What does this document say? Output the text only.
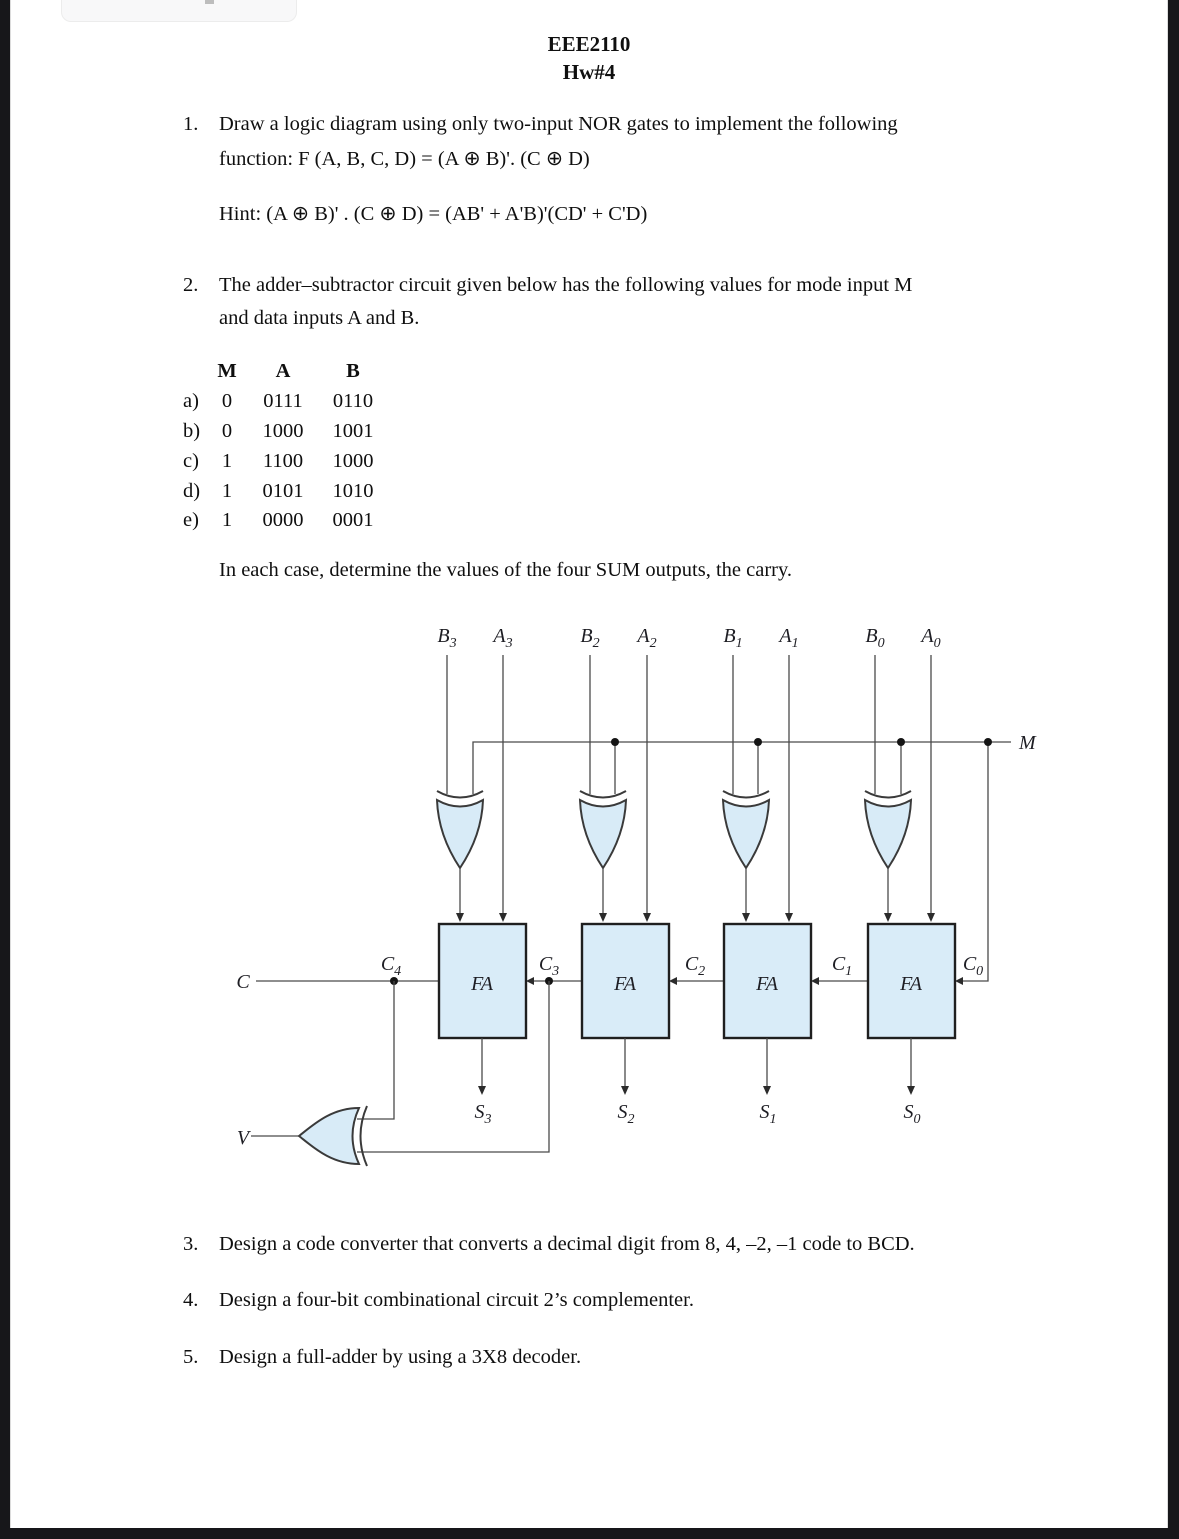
EEE2110
Hw#4
1. Draw a logic diagram using only two-input NOR gates to implement the following
function: F (A, B, C, D) = (A ⊕ B)'. (C ⊕ D)
Hint: (A ⊕ B)' . (C ⊕ D) = (AB' + A'B)'(CD' + C'D)
2. The adder–subtractor circuit given below has the following values for mode input M
and data inputs A and B.
M	A	B
a)	0	0111	0110
b)	0	1000	1001
c)	1	1100	1000
d)	1	0101	1010
e)	1	0000	0001
In each case, determine the values of the four SUM outputs, the carry.
$B_3$ $A_3$	$B_2$ $A_2$	$B_1$ $A_1$	$B_0$ $A_0$
M
C
V
FA	FA	FA	FA
$C_4$	$C_3$	$C_2$	$C_1$	$C_0$
$S_3$	$S_2$	$S_1$	$S_0$
3. Design a code converter that converts a decimal digit from 8, 4, –2, –1 code to BCD.
4. Design a four-bit combinational circuit 2’s complementer.
5. Design a full-adder by using a 3X8 decoder.
